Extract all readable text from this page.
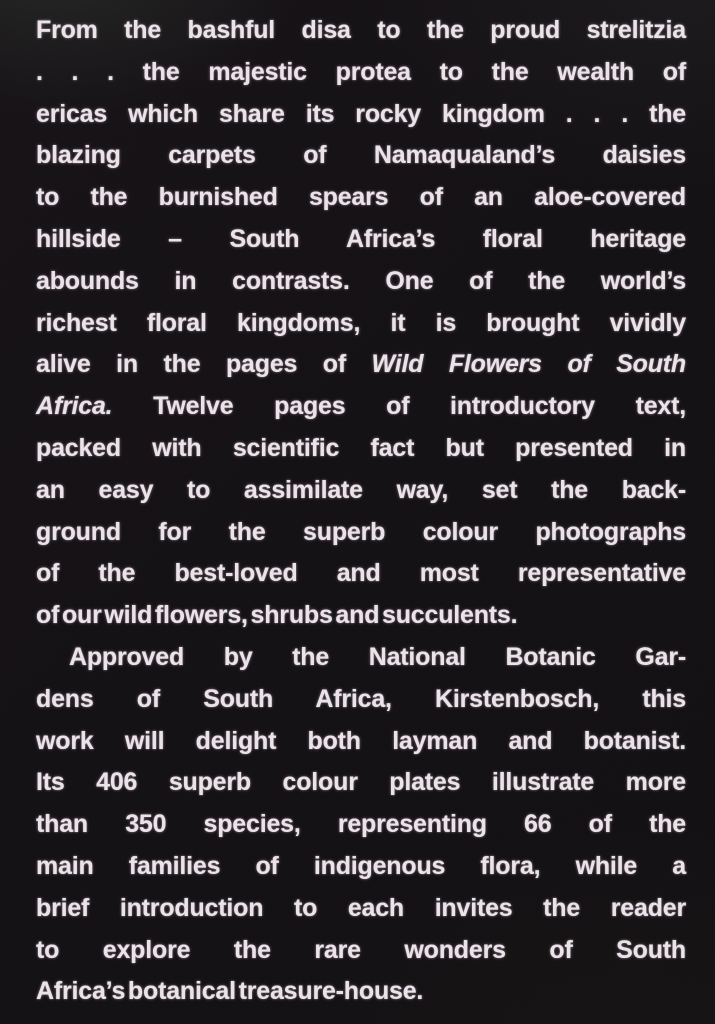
From the bashful disa to the proud strelitzia
. . . the majestic protea to the wealth of
ericas which share its rocky kingdom . . . the
blazing carpets of Namaqualand’s daisies
to the burnished spears of an aloe-covered
hillside – South Africa’s floral heritage
abounds in contrasts. One of the world’s
richest floral kingdoms, it is brought vividly
alive in the pages of Wild Flowers of South
Africa. Twelve pages of introductory text,
packed with scientific fact but presented in
an easy to assimilate way, set the back-
ground for the superb colour photographs
of the best-loved and most representative
of our wild flowers, shrubs and succulents.
Approved by the National Botanic Gar-
dens of South Africa, Kirstenbosch, this
work will delight both layman and botanist.
Its 406 superb colour plates illustrate more
than 350 species, representing 66 of the
main families of indigenous flora, while a
brief introduction to each invites the reader
to explore the rare wonders of South
Africa’s botanical treasure-house.
